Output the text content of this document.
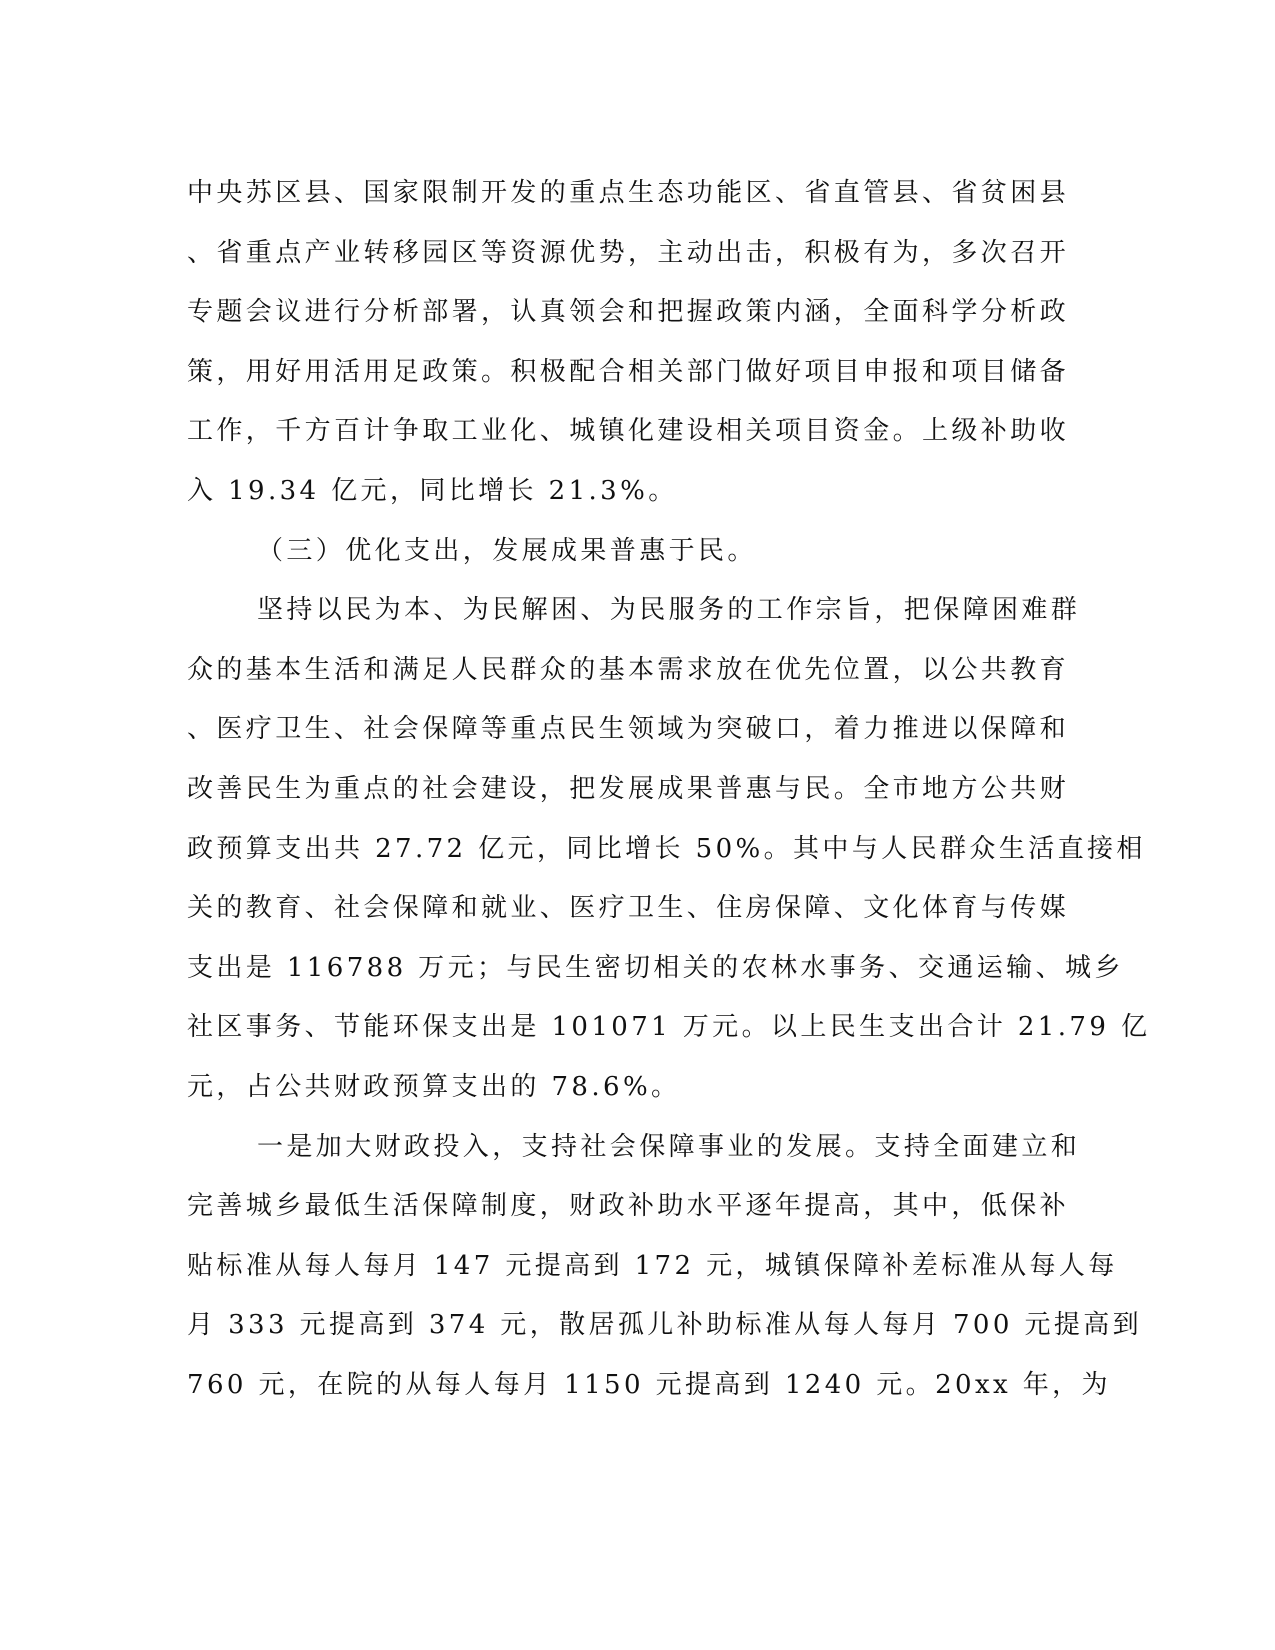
中央苏区县、国家限制开发的重点生态功能区、省直管县、省贫困县
、省重点产业转移园区等资源优势，主动出击，积极有为，多次召开
专题会议进行分析部署，认真领会和把握政策内涵，全面科学分析政
策，用好用活用足政策。积极配合相关部门做好项目申报和项目储备
工作，千方百计争取工业化、城镇化建设相关项目资金。上级补助收
入 19.34 亿元，同比增长 21.3%。
（三）优化支出，发展成果普惠于民。
坚持以民为本、为民解困、为民服务的工作宗旨，把保障困难群
众的基本生活和满足人民群众的基本需求放在优先位置，以公共教育
、医疗卫生、社会保障等重点民生领域为突破口，着力推进以保障和
改善民生为重点的社会建设，把发展成果普惠与民。全市地方公共财
政预算支出共 27.72 亿元，同比增长 50%。其中与人民群众生活直接相
关的教育、社会保障和就业、医疗卫生、住房保障、文化体育与传媒
支出是 116788 万元；与民生密切相关的农林水事务、交通运输、城乡
社区事务、节能环保支出是 101071 万元。以上民生支出合计 21.79 亿
元，占公共财政预算支出的 78.6%。
一是加大财政投入，支持社会保障事业的发展。支持全面建立和
完善城乡最低生活保障制度，财政补助水平逐年提高，其中，低保补
贴标准从每人每月 147 元提高到 172 元，城镇保障补差标准从每人每
月 333 元提高到 374 元，散居孤儿补助标准从每人每月 700 元提高到
760 元，在院的从每人每月 1150 元提高到 1240 元。20xx 年，为
